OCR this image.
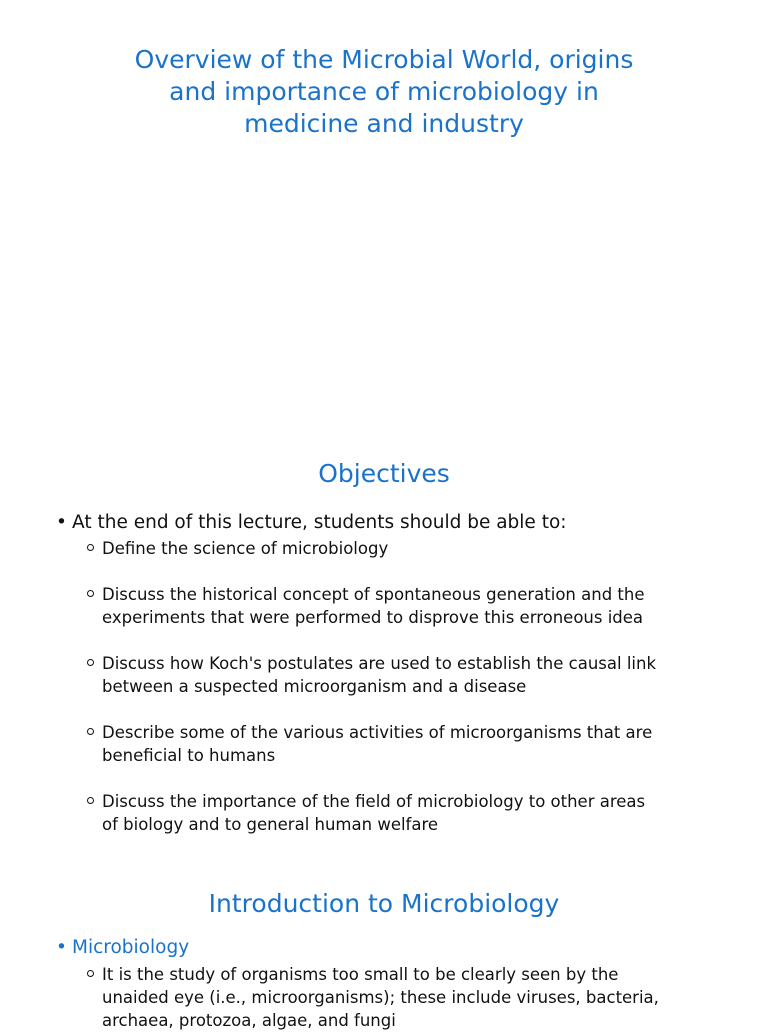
Overview of the Microbial World, origins
and importance of microbiology in
medicine and industry
Objectives
• At the end of this lecture, students should be able to:
Define the science of microbiology
Discuss the historical concept of spontaneous generation and the
experiments that were performed to disprove this erroneous idea
Discuss how Koch's postulates are used to establish the causal link
between a suspected microorganism and a disease
Describe some of the various activities of microorganisms that are
beneficial to humans
Discuss the importance of the field of microbiology to other areas
of biology and to general human welfare
Introduction to Microbiology
• Microbiology
It is the study of organisms too small to be clearly seen by the
unaided eye (i.e., microorganisms); these include viruses, bacteria,
archaea, protozoa, algae, and fungi
